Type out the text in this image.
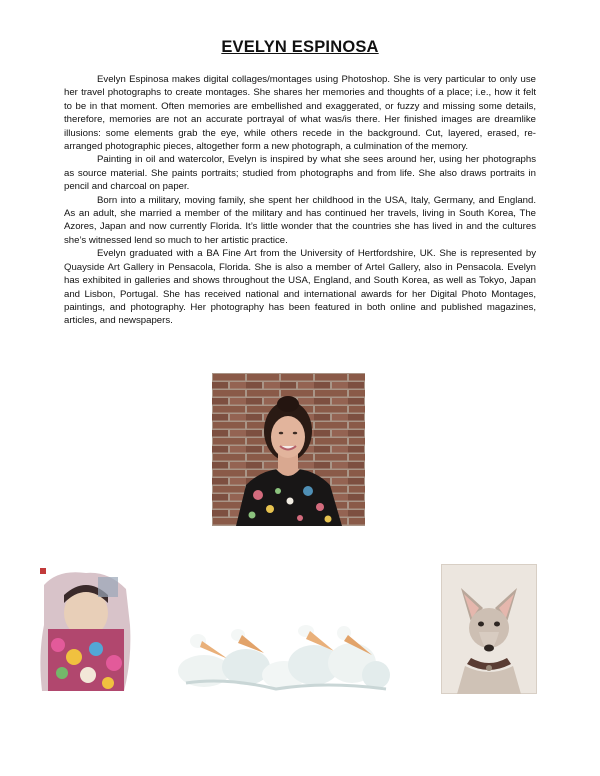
EVELYN ESPINOSA

Evelyn Espinosa makes digital collages/montages using Photoshop. She is very particular to only use her travel photographs to create montages. She shares her memories and thoughts of a place; i.e., how it felt to be in that moment. Often memories are embellished and exaggerated, or fuzzy and missing some details, therefore, memories are not an accurate portrayal of what was/is there. Her finished images are dreamlike illusions: some elements grab the eye, while others recede in the background. Cut, layered, erased, re-arranged photographic pieces, altogether form a new photograph, a culmination of the memory.

Painting in oil and watercolor, Evelyn is inspired by what she sees around her, using her photographs as source material. She paints portraits; studied from photographs and from life. She also draws portraits in pencil and charcoal on paper.

Born into a military, moving family, she spent her childhood in the USA, Italy, Germany, and England. As an adult, she married a member of the military and has continued her travels, living in South Korea, The Azores, Japan and now currently Florida. It’s little wonder that the countries she has lived in and the cultures she’s witnessed lend so much to her artistic practice.

Evelyn graduated with a BA Fine Art from the University of Hertfordshire, UK. She is represented by Quayside Art Gallery in Pensacola, Florida. She is also a member of Artel Gallery, also in Pensacola. Evelyn has exhibited in galleries and shows throughout the USA, England, and South Korea, as well as Tokyo, Japan and Lisbon, Portugal. She has received national and international awards for her Digital Photo Montages, paintings, and photography. Her photography has been featured in both online and published magazines, articles, and newspapers.
